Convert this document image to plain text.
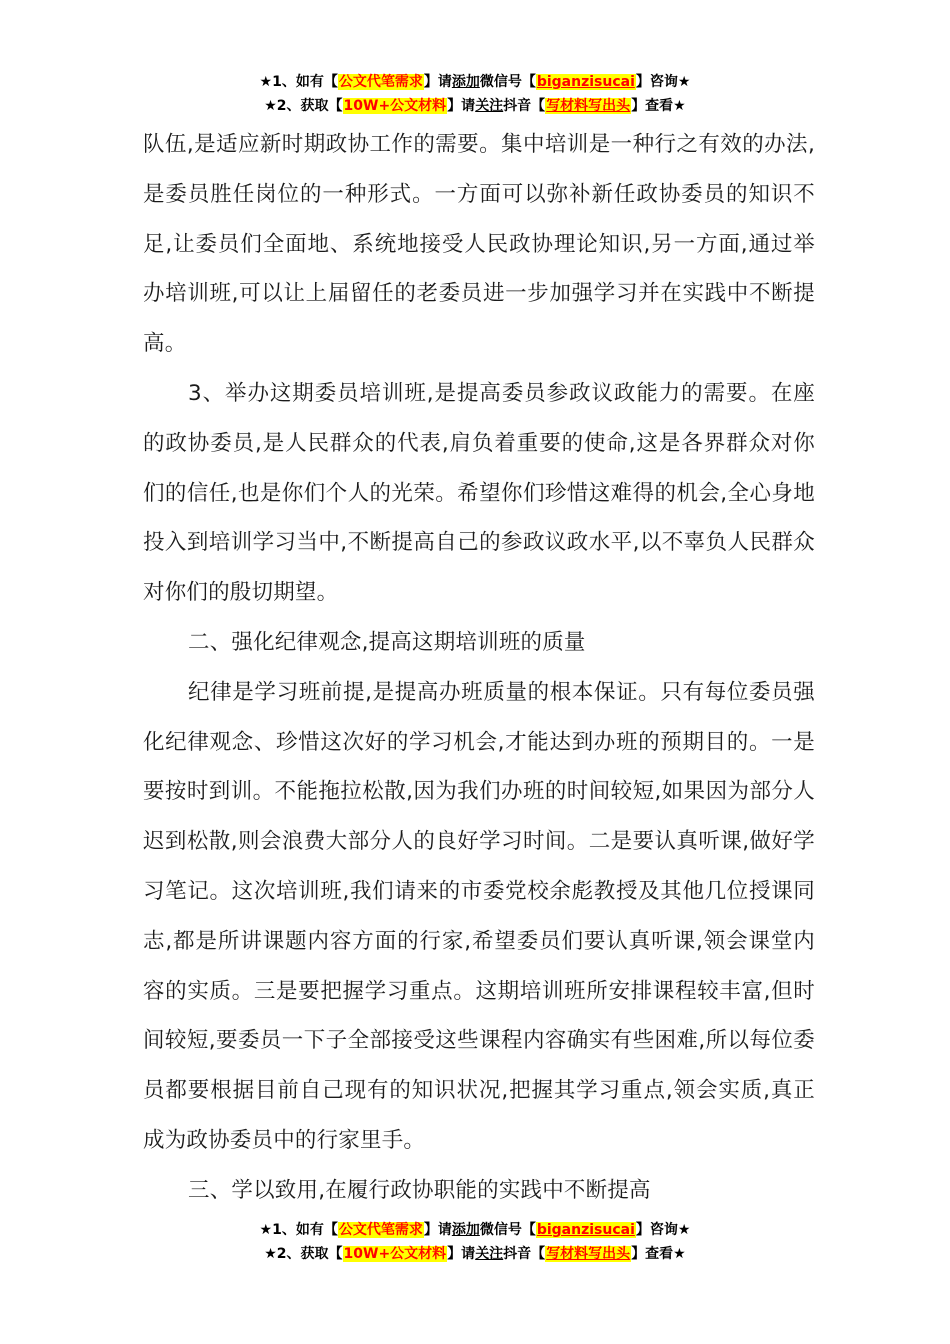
★1、如有【公文代笔需求】请添加微信号【biganzisucai】咨询★
★2、获取【10W+公文材料】请关注抖音【写材料写出头】查看★

队伍,是适应新时期政协工作的需要。集中培训是一种行之有效的办法,是委员胜任岗位的一种形式。一方面可以弥补新任政协委员的知识不足,让委员们全面地、系统地接受人民政协理论知识,另一方面,通过举办培训班,可以让上届留任的老委员进一步加强学习并在实践中不断提高。

3、举办这期委员培训班,是提高委员参政议政能力的需要。在座的政协委员,是人民群众的代表,肩负着重要的使命,这是各界群众对你们的信任,也是你们个人的光荣。希望你们珍惜这难得的机会,全心身地投入到培训学习当中,不断提高自己的参政议政水平,以不辜负人民群众对你们的殷切期望。

二、强化纪律观念,提高这期培训班的质量

纪律是学习班前提,是提高办班质量的根本保证。只有每位委员强化纪律观念、珍惜这次好的学习机会,才能达到办班的预期目的。一是要按时到训。不能拖拉松散,因为我们办班的时间较短,如果因为部分人迟到松散,则会浪费大部分人的良好学习时间。二是要认真听课,做好学习笔记。这次培训班,我们请来的市委党校余彪教授及其他几位授课同志,都是所讲课题内容方面的行家,希望委员们要认真听课,领会课堂内容的实质。三是要把握学习重点。这期培训班所安排课程较丰富,但时间较短,要委员一下子全部接受这些课程内容确实有些困难,所以每位委员都要根据目前自己现有的知识状况,把握其学习重点,领会实质,真正成为政协委员中的行家里手。

三、学以致用,在履行政协职能的实践中不断提高

★1、如有【公文代笔需求】请添加微信号【biganzisucai】咨询★
★2、获取【10W+公文材料】请关注抖音【写材料写出头】查看★
